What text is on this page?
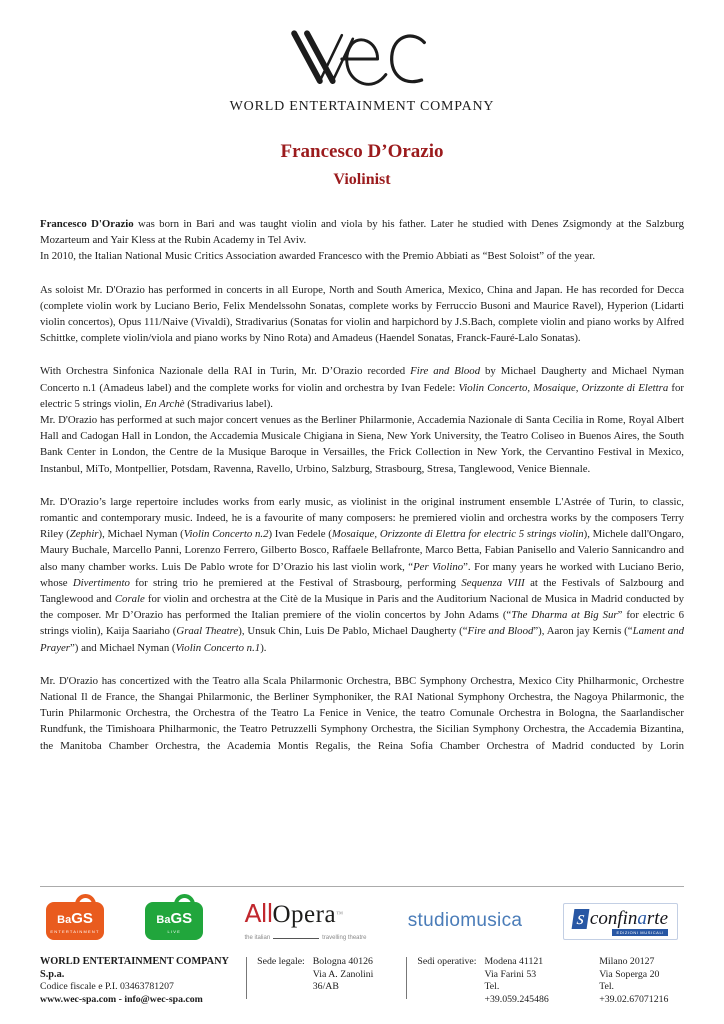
WORLD ENTERTAINMENT COMPANY
Francesco D’Orazio
Violinist

Francesco D'Orazio was born in Bari and was taught violin and viola by his father. Later he studied with Denes Zsigmondy at the Salzburg Mozarteum and Yair Kless at the Rubin Academy in Tel Aviv.
In 2010, the Italian National Music Critics Association awarded Francesco with the Premio Abbiati as “Best Soloist” of the year.

As soloist Mr. D'Orazio has performed in concerts in all Europe, North and South America, Mexico, China and Japan. He has recorded for Decca (complete violin work by Luciano Berio, Felix Mendelssohn Sonatas, complete works by Ferruccio Busoni and Maurice Ravel), Hyperion (Lidarti violin concertos), Opus 111/Naive (Vivaldi), Stradivarius (Sonatas for violin and harpichord by J.S.Bach, complete violin and piano works by Alfred Schittke, complete violin/viola and piano works by Nino Rota) and Amadeus (Haendel Sonatas, Franck-Fauré-Lalo Sonatas).

With Orchestra Sinfonica Nazionale della RAI in Turin, Mr. D’Orazio recorded Fire and Blood by Michael Daugherty and Michael Nyman Concerto n.1 (Amadeus label) and the complete works for violin and orchestra by Ivan Fedele: Violin Concerto, Mosaique, Orizzonte di Elettra for electric 5 strings violin, En Archè (Stradivarius label).
Mr. D'Orazio has performed at such major concert venues as the Berliner Philarmonie, Accademia Nazionale di Santa Cecilia in Rome, Royal Albert Hall and Cadogan Hall in London, the Accademia Musicale Chigiana in Siena, New York University, the Teatro Coliseo in Buenos Aires, the South Bank Center in London, the Centre de la Musique Baroque in Versailles, the Frick Collection in New York, the Cervantino Festival in Mexico, Instanbul, MiTo, Montpellier, Potsdam, Ravenna, Ravello, Urbino, Salzburg, Strasbourg, Stresa, Tanglewood, Venice Biennale.

Mr. D'Orazio’s large repertoire includes works from early music, as violinist in the original instrument ensemble L'Astrée of Turin, to classic, romantic and contemporary music. Indeed, he is a favourite of many composers: he premiered violin and orchestra works by the composers Terry Riley (Zephir), Michael Nyman (Violin Concerto n.2) Ivan Fedele (Mosaique, Orizzonte di Elettra for electric 5 strings violin), Michele dall'Ongaro, Maury Buchale, Marcello Panni, Lorenzo Ferrero, Gilberto Bosco, Raffaele Bellafronte, Marco Betta, Fabian Panisello and Valerio Sannicandro and also many chamber works. Luis De Pablo wrote for D’Orazio his last violin work, “Per Violino”. For many years he worked with Luciano Berio, whose Divertimento for string trio he premiered at the Festival of Strasbourg, performing Sequenza VIII at the Festivals of Salzbourg and Tanglewood and Corale for violin and orchestra at the Citè de la Musique in Paris and the Auditorium Nacional de Musica in Madrid conducted by the composer. Mr D’Orazio has performed the Italian premiere of the violin concertos by John Adams (“The Dharma at Big Sur” for electric 6 strings violin), Kaija Saariaho (Graal Theatre), Unsuk Chin, Luis De Pablo, Michael Daugherty (“Fire and Blood”), Aaron jay Kernis (“Lament and Prayer”) and Michael Nyman (Violin Concerto n.1).

Mr. D'Orazio has concertized with the Teatro alla Scala Philarmonic Orchestra, BBC Symphony Orchestra, Mexico City Philharmonic, Orchestre National Il de France, the Shangai Philarmonic, the Berliner Symphoniker, the RAI National Symphony Orchestra, the Nagoya Philarmonic, the Turin Philarmonic Orchestra, the Orchestra of the Teatro La Fenice in Venice, the teatro Comunale Orchestra in Bologna, the Saarlandischer Rundfunk, the Timishoara Philharmonic, the Teatro Petruzzelli Symphony Orchestra, the Sicilian Symphony Orchestra, the Accademia Bizantina, the Manitoba Chamber Orchestra, the Academia Montis Regalis, the Reina Sofia Chamber Orchestra of Madrid conducted by Lorin

BaGS
ENTERTAINMENT
BaGS
LIVE
AllOpera™
the italian	travelling theatre
studiomusica	s confinarte
EDIZIONI MUSICALI
WORLD ENTERTAINMENT COMPANY S.p.a.
Codice fiscale e P.I. 03463781207
www.wec-spa.com - info@wec-spa.com
Sede legale: Bologna 40126
Via A. Zanolini 36/AB
Sedi operative: Modena 41121
Via Farini 53
Tel. +39.059.245486
Milano 20127
Via Soperga 20
Tel. +39.02.67071216
